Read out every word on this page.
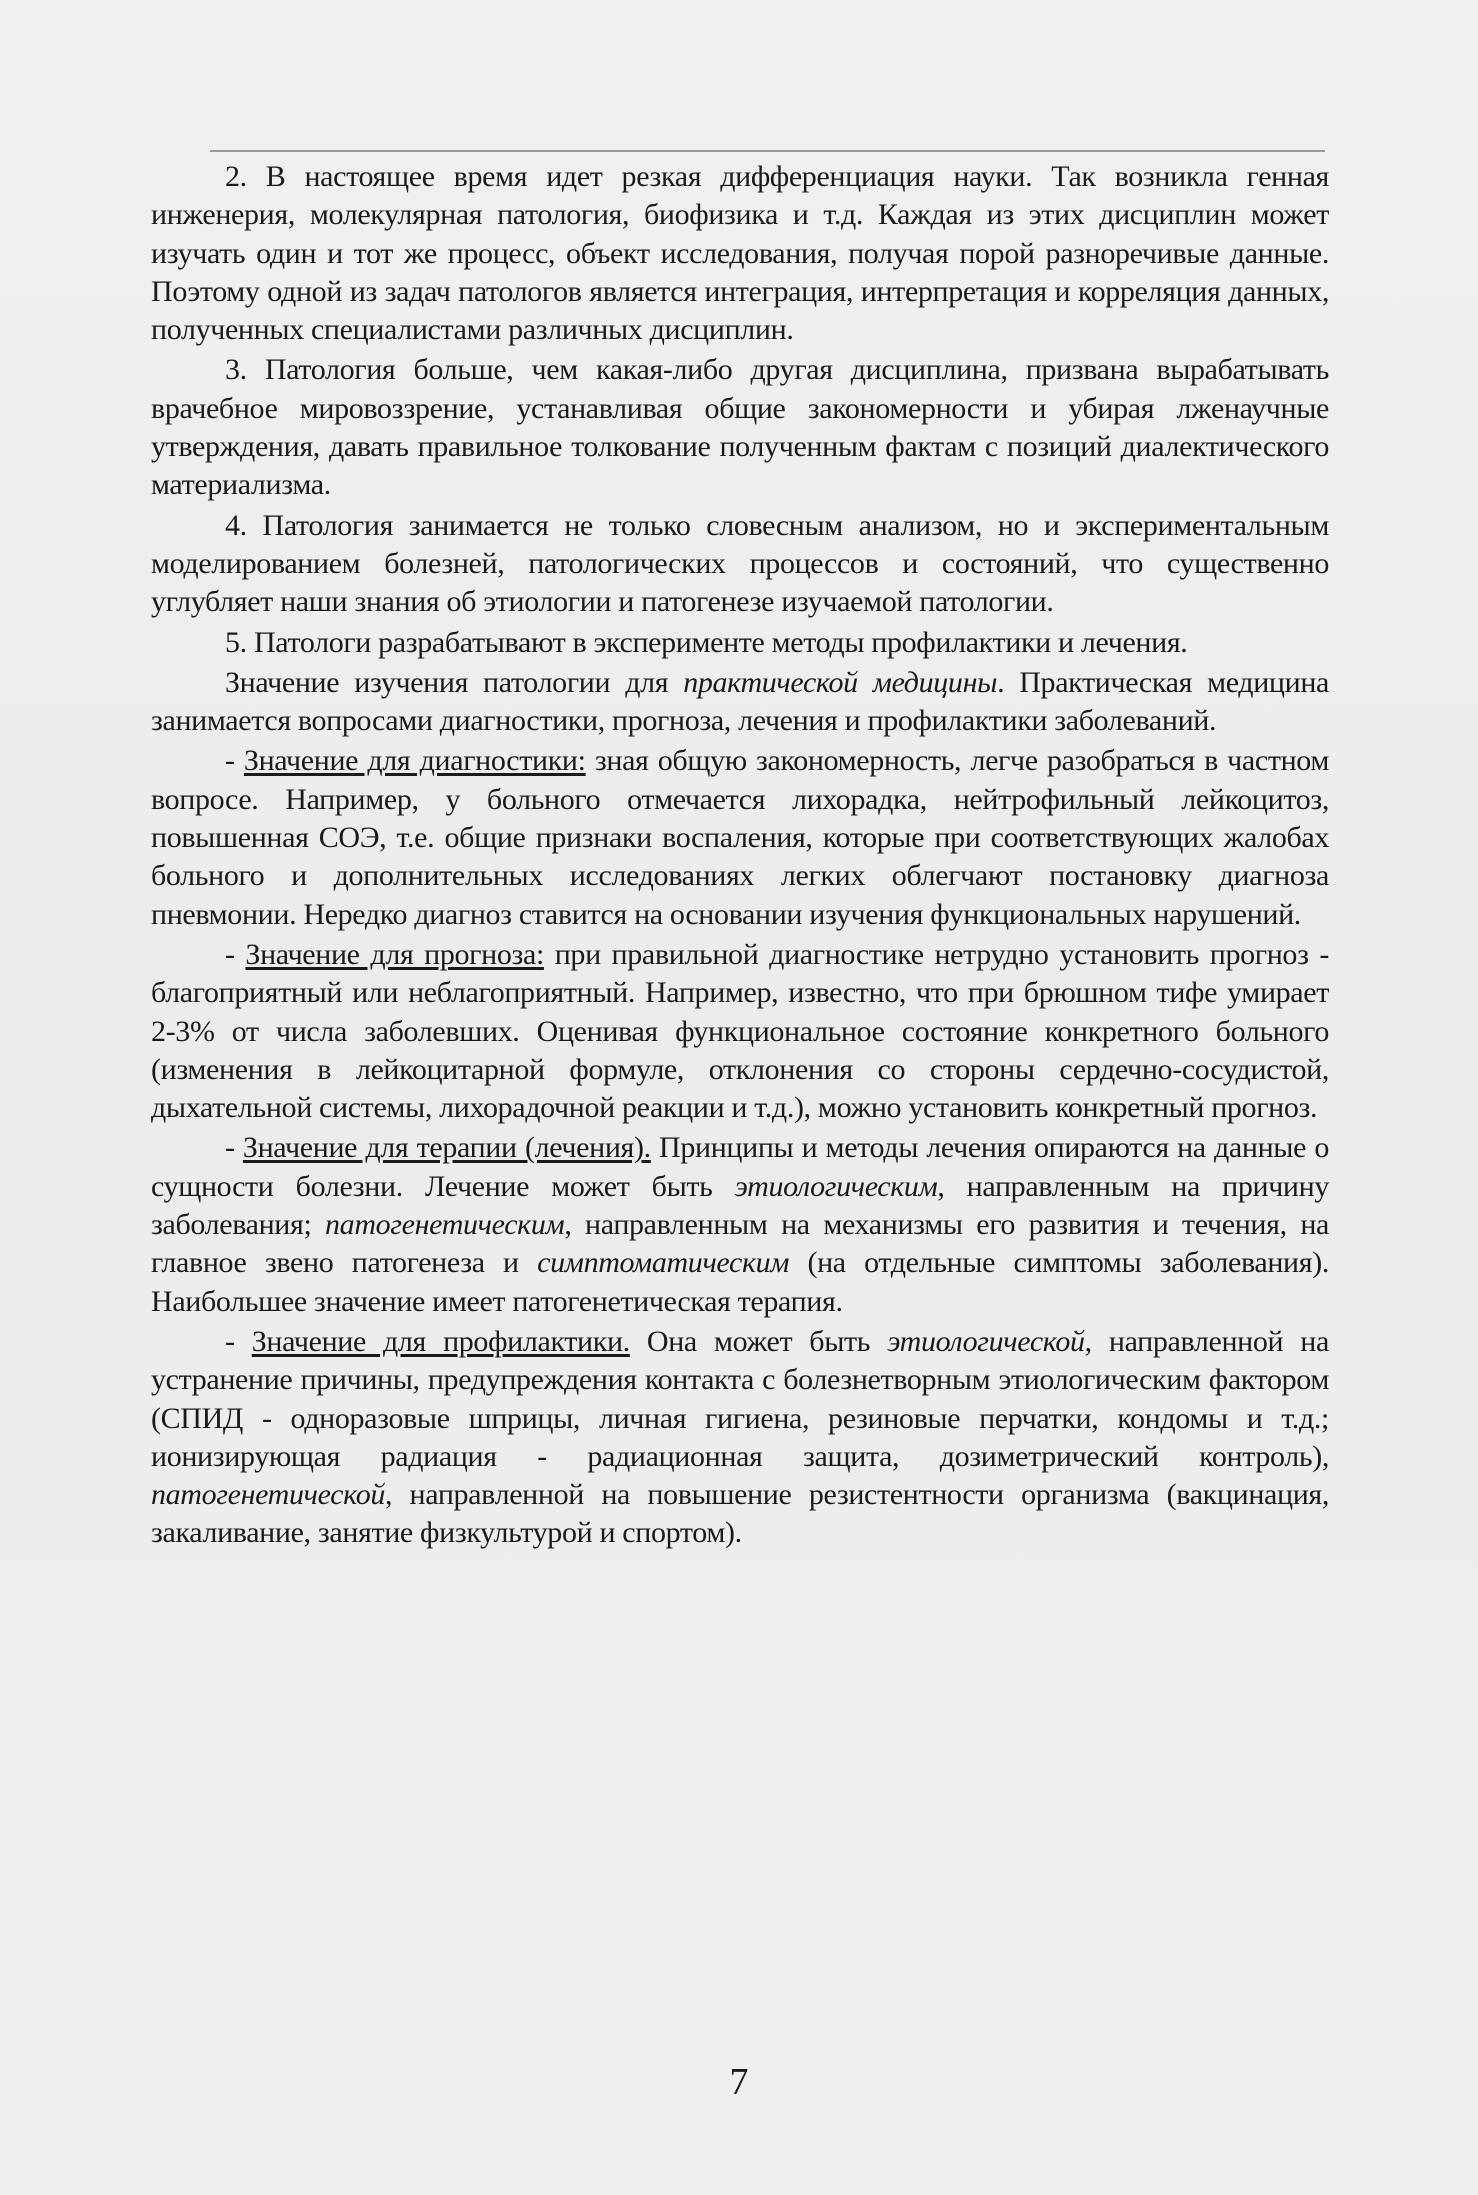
2. В настоящее время идет резкая дифференциация науки. Так возникла генная инженерия, молекулярная патология, биофизика и т.д. Каждая из этих дисциплин может изучать один и тот же процесс, объект исследования, получая порой разноречивые данные. Поэтому одной из задач патологов является интеграция, интерпретация и корреляция данных, полученных специалистами различных дисциплин.

3. Патология больше, чем какая-либо другая дисциплина, призвана вырабатывать врачебное мировоззрение, устанавливая общие закономерности и убирая лженаучные утверждения, давать правильное толкование полученным фактам с позиций диалектического материализма.

4. Патология занимается не только словесным анализом, но и экспериментальным моделированием болезней, патологических процессов и состояний, что существенно углубляет наши знания об этиологии и патогенезе изучаемой патологии.

5. Патологи разрабатывают в эксперименте методы профилактики и лечения.

Значение изучения патологии для практической медицины. Практическая медицина занимается вопросами диагностики, прогноза, лечения и профилактики заболеваний.

- Значение для диагностики: зная общую закономерность, легче разобраться в частном вопросе. Например, у больного отмечается лихорадка, нейтрофильный лейкоцитоз, повышенная СОЭ, т.е. общие признаки воспаления, которые при соответствующих жалобах больного и дополнительных исследованиях легких облегчают постановку диагноза пневмонии. Нередко диагноз ставится на основании изучения функциональных нарушений.

- Значение для прогноза: при правильной диагностике нетрудно установить прогноз - благоприятный или неблагоприятный. Например, известно, что при брюшном тифе умирает 2-3% от числа заболевших. Оценивая функциональное состояние конкретного больного (изменения в лейкоцитарной формуле, отклонения со стороны сердечно-сосудистой, дыхательной системы, лихорадочной реакции и т.д.), можно установить конкретный прогноз.

- Значение для терапии (лечения). Принципы и методы лечения опираются на данные о сущности болезни. Лечение может быть этиологическим, направленным на причину заболевания; патогенетическим, направленным на механизмы его развития и течения, на главное звено патогенеза и симптоматическим (на отдельные симптомы заболевания). Наибольшее значение имеет патогенетическая терапия.

- Значение для профилактики. Она может быть этиологической, направленной на устранение причины, предупреждения контакта с болезнетворным этиологическим фактором (СПИД - одноразовые шприцы, личная гигиена, резиновые перчатки, кондомы и т.д.; ионизирующая радиация - радиационная защита, дозиметрический контроль), патогенетической, направленной на повышение резистентности организма (вакцинация, закаливание, занятие физкультурой и спортом).

7
